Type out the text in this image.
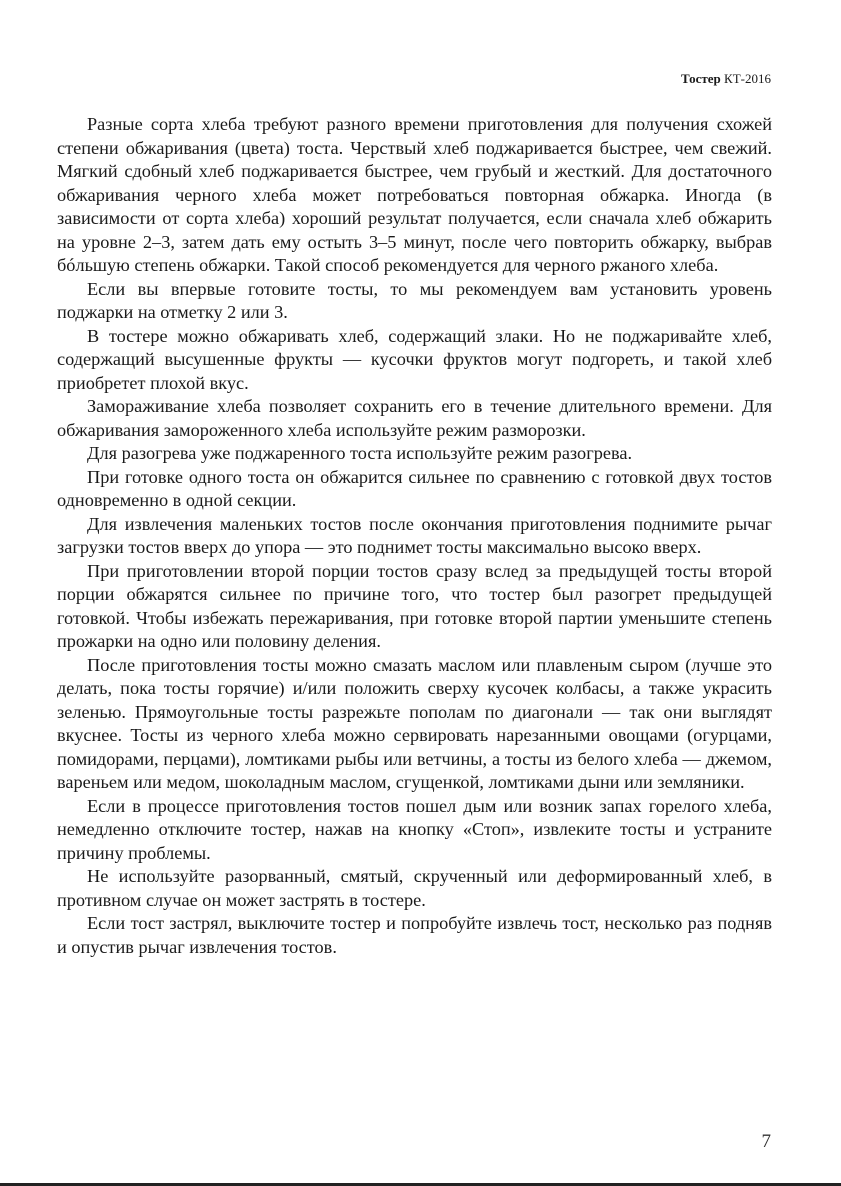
Тостер КТ-2016

Разные сорта хлеба требуют разного времени приготовления для получения схожей степени обжаривания (цвета) тоста. Черствый хлеб поджаривается быстрее, чем свежий. Мягкий сдобный хлеб поджаривается быстрее, чем грубый и жесткий. Для достаточного обжаривания черного хлеба может потребоваться повторная обжарка. Иногда (в зависимости от сорта хлеба) хороший результат получается, если сначала хлеб обжарить на уровне 2–3, затем дать ему остыть 3–5 минут, после чего повторить обжарку, выбрав бóльшую степень обжарки. Такой способ рекомендуется для черного ржаного хлеба.

Если вы впервые готовите тосты, то мы рекомендуем вам установить уровень поджарки на отметку 2 или 3.

В тостере можно обжаривать хлеб, содержащий злаки. Но не поджаривайте хлеб, содержащий высушенные фрукты — кусочки фруктов могут подгореть, и такой хлеб приобретет плохой вкус.

Замораживание хлеба позволяет сохранить его в течение длительного времени. Для обжаривания замороженного хлеба используйте режим разморозки.

Для разогрева уже поджаренного тоста используйте режим разогрева.

При готовке одного тоста он обжарится сильнее по сравнению с готовкой двух тостов одновременно в одной секции.

Для извлечения маленьких тостов после окончания приготовления поднимите рычаг загрузки тостов вверх до упора — это поднимет тосты максимально высоко вверх.

При приготовлении второй порции тостов сразу вслед за предыдущей тосты второй порции обжарятся сильнее по причине того, что тостер был разогрет предыдущей готовкой. Чтобы избежать пережаривания, при готовке второй партии уменьшите степень прожарки на одно или половину деления.

После приготовления тосты можно смазать маслом или плавленым сыром (лучше это делать, пока тосты горячие) и/или положить сверху кусочек колбасы, а также украсить зеленью. Прямоугольные тосты разрежьте пополам по диагонали — так они выглядят вкуснее. Тосты из черного хлеба можно сервировать нарезанными овощами (огурцами, помидорами, перцами), ломтиками рыбы или ветчины, а тосты из белого хлеба — джемом, вареньем или медом, шоколадным маслом, сгущенкой, ломтиками дыни или земляники.

Если в процессе приготовления тостов пошел дым или возник запах горелого хлеба, немедленно отключите тостер, нажав на кнопку «Стоп», извлеките тосты и устраните причину проблемы.

Не используйте разорванный, смятый, скрученный или деформированный хлеб, в противном случае он может застрять в тостере.

Если тост застрял, выключите тостер и попробуйте извлечь тост, несколько раз подняв и опустив рычаг извлечения тостов.

7
